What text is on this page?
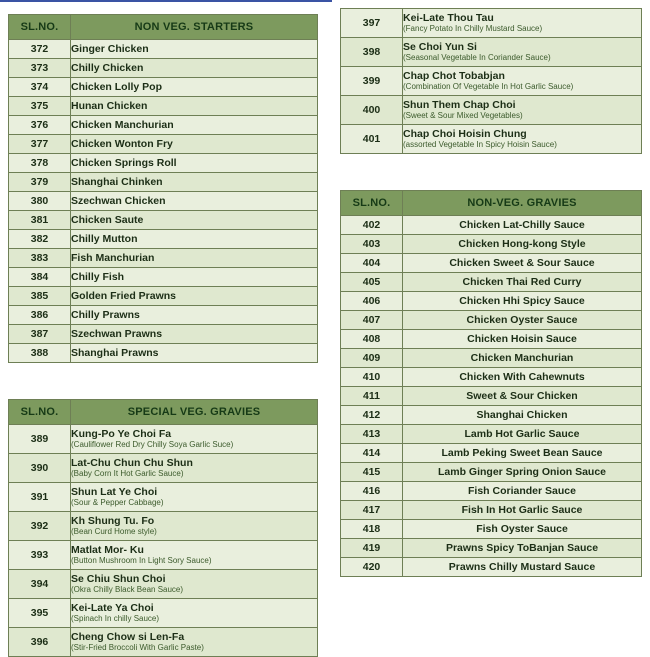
SL.NO.	NON VEG. STARTERS
372	Ginger Chicken
373	Chilly Chicken
374	Chicken Lolly Pop
375	Hunan Chicken
376	Chicken Manchurian
377	Chicken Wonton Fry
378	Chicken Springs Roll
379	Shanghai Chinken
380	Szechwan Chicken
381	Chicken Saute
382	Chilly Mutton
383	Fish Manchurian
384	Chilly Fish
385	Golden Fried Prawns
386	Chilly Prawns
387	Szechwan Prawns
388	Shanghai Prawns
SL.NO.	SPECIAL VEG. GRAVIES
389	Kung-Po Ye Choi Fa
(Cauliflower Red Dry Chilly Soya Garlic Suce)

390	Lat-Chu Chun Chu Shun
(Baby Corn It Hot Garlic Sauce)

391	Shun Lat Ye Choi
(Sour & Pepper Cabbage)

392	Kh Shung Tu. Fo
(Bean Curd Home style)

393	Matlat Mor- Ku
(Button Mushroom In Light Sory Sauce)

394	Se Chiu Shun Choi
(Okra Chilly Black Bean Sauce)

395	Kei-Late Ya Choi
(Spinach In chilly Sauce)

396	Cheng Chow si Len-Fa
(Stir-Fried Broccoli With Garlic Paste)
397	Kei-Late Thou Tau
(Fancy Potato In Chilly Mustard Sauce)

398	Se Choi Yun Si
(Seasonal Vegetable In Coriander Sauce)

399	Chap Chot Tobabjan
(Combination Of Vegetable In Hot Garlic Sauce)

400	Shun Them Chap Choi
(Sweet & Sour Mixed Vegetables)

401	Chap Choi Hoisin Chung
(assorted Vegetable In Spicy Hoisin Sauce)
SL.NO.	NON-VEG. GRAVIES
402	Chicken Lat-Chilly Sauce
403	Chicken Hong-kong Style
404	Chicken Sweet & Sour Sauce
405	Chicken Thai Red Curry
406	Chicken Hhi Spicy Sauce
407	Chicken Oyster Sauce
408	Chicken Hoisin Sauce
409	Chicken Manchurian
410	Chicken With Cahewnuts
411	Sweet & Sour Chicken
412	Shanghai Chicken
413	Lamb Hot Garlic Sauce
414	Lamb Peking Sweet Bean Sauce
415	Lamb Ginger Spring Onion Sauce
416	Fish Coriander Sauce
417	Fish In Hot Garlic Sauce
418	Fish Oyster Sauce
419	Prawns Spicy ToBanjan Sauce
420	Prawns Chilly Mustard Sauce
